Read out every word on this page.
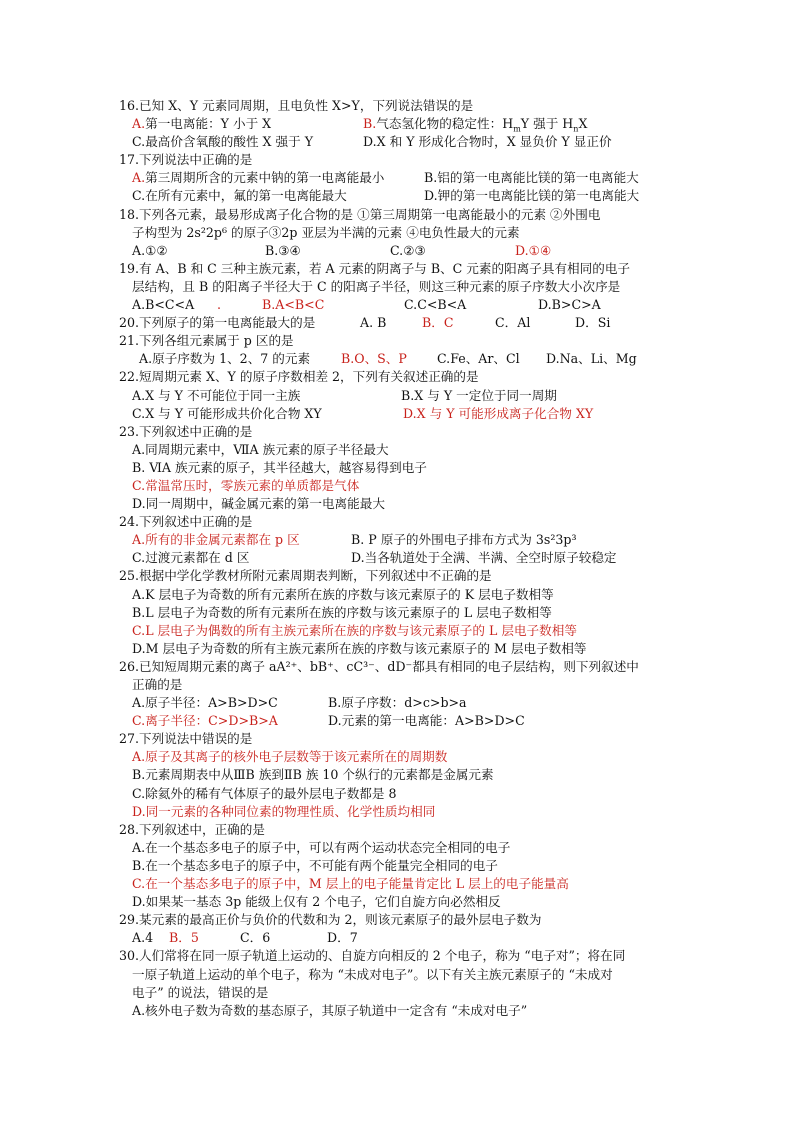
16.已知 X、Y 元素同周期，且电负性 X>Y，下列说法错误的是
A.第一电离能：Y 小于 X	B.气态氢化物的稳定性：$H_mY$ 强于 $H_nX$
C.最高价含氧酸的酸性 X 强于 Y	D.X 和 Y 形成化合物时，X 显负价 Y 显正价
17.下列说法中正确的是
A.第三周期所含的元素中钠的第一电离能最小	B.铝的第一电离能比镁的第一电离能大
C.在所有元素中，氟的第一电离能最大	D.钾的第一电离能比镁的第一电离能大
18.下列各元素，最易形成离子化合物的是 ①第三周期第一电离能最小的元素 ②外围电
子构型为 2s²2p⁶ 的原子③2p 亚层为半满的元素 ④电负性最大的元素
A.①②	B.③④	C.②③	D.①④
19.有 A、B 和 C 三种主族元素，若 A 元素的阴离子与 B、C 元素的阳离子具有相同的电子
层结构，且 B 的阳离子半径大于 C 的阳离子半径，则这三种元素的原子序数大小次序是
A.B<C<A .	B.A<B<C	C.C<B<A	D.B>C>A
20.下列原子的第一电离能最大的是	A. B	B．C	C．Al	D．Si
21.下列各组元素属于 p 区的是
A.原子序数为 1、2、7 的元素 B.O、S、P C.Fe、Ar、Cl D.Na、Li、Mg
22.短周期元素 X、Y 的原子序数相差 2，下列有关叙述正确的是
A.X 与 Y 不可能位于同一主族	B.X 与 Y 一定位于同一周期
C.X 与 Y 可能形成共价化合物 XY	D.X 与 Y 可能形成离子化合物 XY
23.下列叙述中正确的是
A.同周期元素中，ⅦA 族元素的原子半径最大
B. ⅥA 族元素的原子，其半径越大，越容易得到电子
C.常温常压时，零族元素的单质都是气体
D.同一周期中，碱金属元素的第一电离能最大
24.下列叙述中正确的是
A.所有的非金属元素都在 p 区	B. P 原子的外围电子排布方式为 3s²3p³
C.过渡元素都在 d 区	D.当各轨道处于全满、半满、全空时原子较稳定
25.根据中学化学教材所附元素周期表判断，下列叙述中不正确的是
A.K 层电子为奇数的所有元素所在族的序数与该元素原子的 K 层电子数相等
B.L 层电子为奇数的所有元素所在族的序数与该元素原子的 L 层电子数相等
C.L 层电子为偶数的所有主族元素所在族的序数与该元素原子的 L 层电子数相等
D.M 层电子为奇数的所有主族元素所在族的序数与该元素原子的 M 层电子数相等
26.已知短周期元素的离子 aA²⁺、bB⁺、cC³⁻、dD⁻都具有相同的电子层结构，则下列叙述中
正确的是
A.原子半径：A>B>D>C	B.原子序数：d>c>b>a
C.离子半径：C>D>B>A	D.元素的第一电离能：A>B>D>C
27.下列说法中错误的是
A.原子及其离子的核外电子层数等于该元素所在的周期数
B.元素周期表中从ⅢB 族到ⅡB 族 10 个纵行的元素都是金属元素
C.除氦外的稀有气体原子的最外层电子数都是 8
D.同一元素的各种同位素的物理性质、化学性质均相同
28.下列叙述中，正确的是
A.在一个基态多电子的原子中，可以有两个运动状态完全相同的电子
B.在一个基态多电子的原子中，不可能有两个能量完全相同的电子
C.在一个基态多电子的原子中，M 层上的电子能量肯定比 L 层上的电子能量高
D.如果某一基态 3p 能级上仅有 2 个电子，它们自旋方向必然相反
29.某元素的最高正价与负价的代数和为 2，则该元素原子的最外层电子数为
A.4 B．5	C．6	D．7
30.人们常将在同一原子轨道上运动的、自旋方向相反的 2 个电子，称为 “电子对”；将在同
一原子轨道上运动的单个电子，称为 “未成对电子”。以下有关主族元素原子的 “未成对
电子” 的说法，错误的是
A.核外电子数为奇数的基态原子，其原子轨道中一定含有 “未成对电子”
